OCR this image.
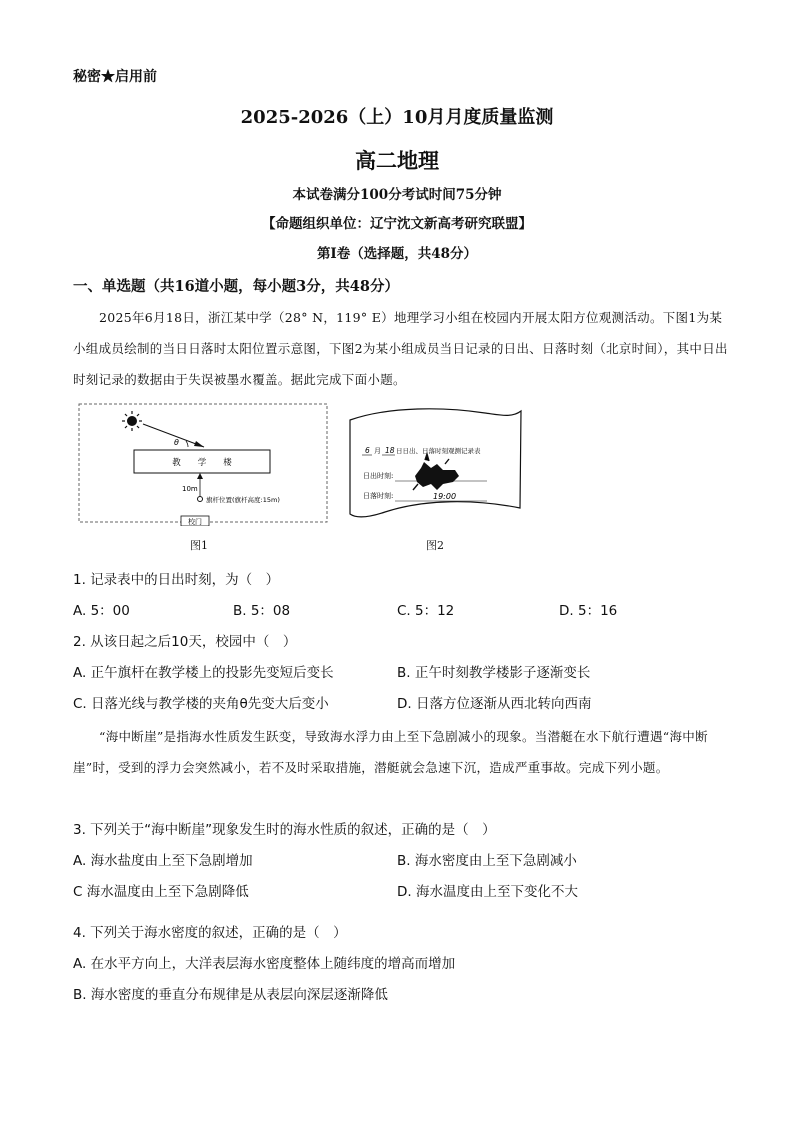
秘密★启用前
2025-2026（上）10月月度质量监测
高二地理
本试卷满分100分考试时间75分钟
【命题组织单位：辽宁沈文新高考研究联盟】
第I卷（选择题，共48分）
一、单选题（共16道小题，每小题3分，共48分）
2025年6月18日，浙江某中学（28° N，119° E）地理学习小组在校园内开展太阳方位观测活动。下图1为某小组成员绘制的当日日落时太阳位置示意图，下图2为某小组成员当日记录的日出、日落时刻（北京时间），其中日出时刻记录的数据由于失误被墨水覆盖。据此完成下面小题。
θ
教　　学　　楼
10m
旗杆位置(旗杆高度:15m)
校门
图1
6 月 18 日日出、日落时刻观测记录表
日出时刻:
日落时刻:	19:00
图2
1. 记录表中的日出时刻，为（　）
A. 5：00	B. 5：08	C. 5：12	D. 5：16
2. 从该日起之后10天，校园中（　）
A. 正午旗杆在教学楼上的投影先变短后变长	B. 正午时刻教学楼影子逐渐变长
C. 日落光线与教学楼的夹角θ先变大后变小	D. 日落方位逐渐从西北转向西南
“海中断崖”是指海水性质发生跃变，导致海水浮力由上至下急剧减小的现象。当潜艇在水下航行遭遇“海中断崖”时，受到的浮力会突然减小，若不及时采取措施，潜艇就会急速下沉，造成严重事故。完成下列小题。
3. 下列关于“海中断崖”现象发生时的海水性质的叙述，正确的是（　）
A. 海水盐度由上至下急剧增加	B. 海水密度由上至下急剧减小
C 海水温度由上至下急剧降低	D. 海水温度由上至下变化不大
4. 下列关于海水密度的叙述，正确的是（　）
A. 在水平方向上，大洋表层海水密度整体上随纬度的增高而增加
B. 海水密度的垂直分布规律是从表层向深层逐渐降低
